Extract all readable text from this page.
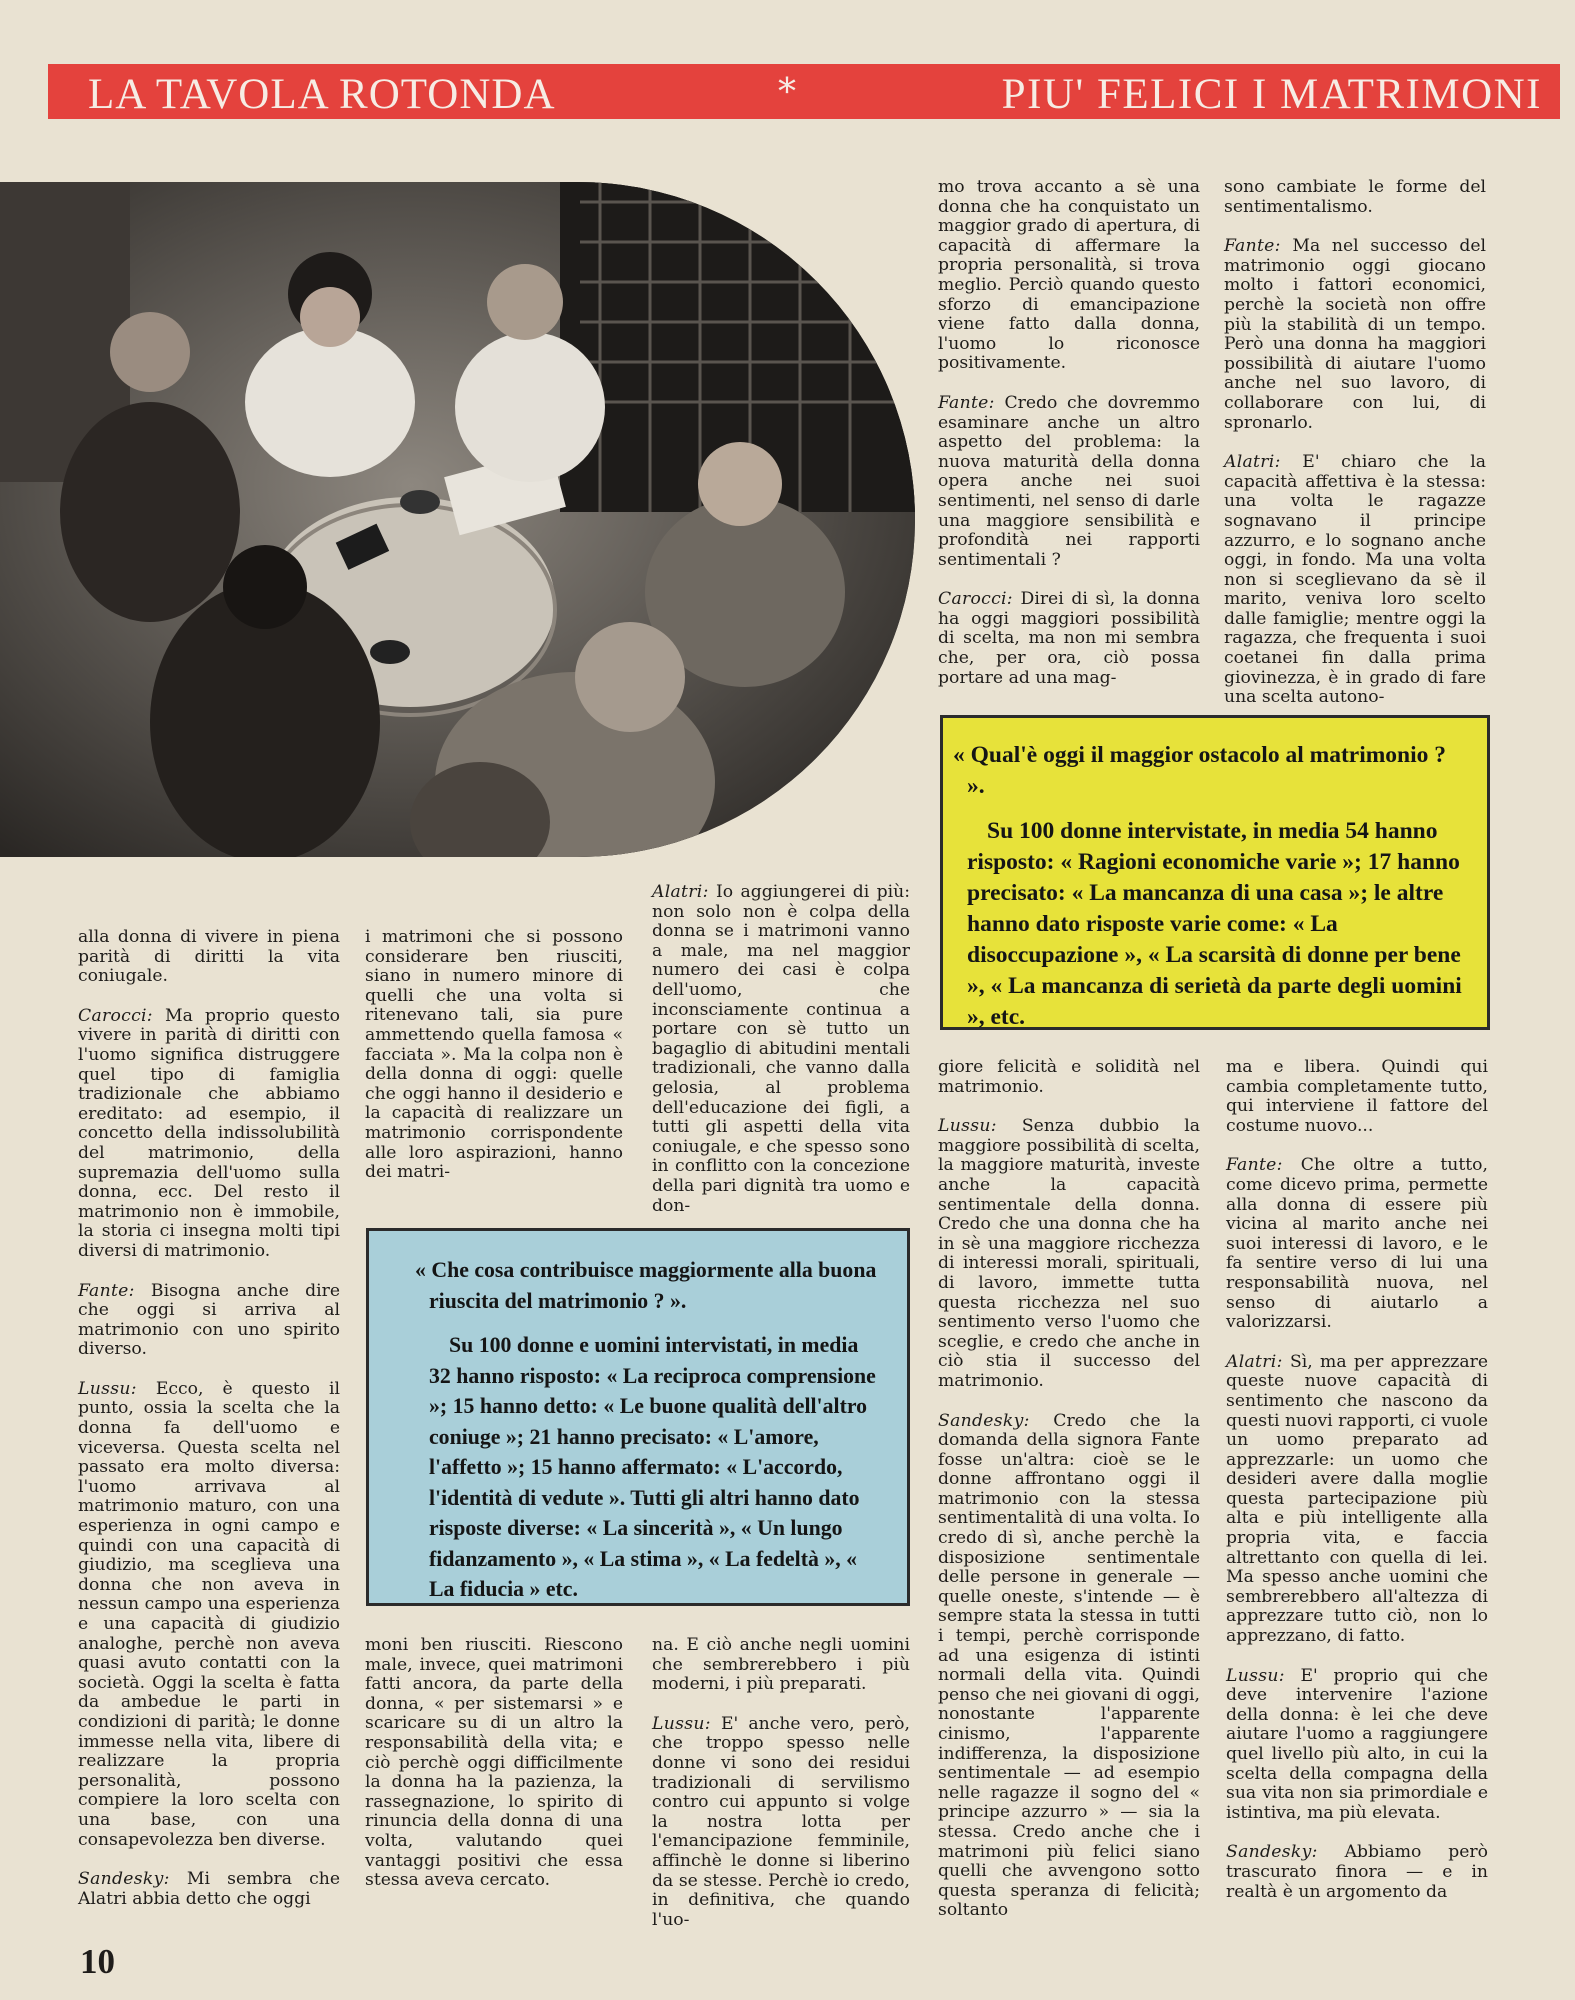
LA TAVOLA ROTONDA	*	PIU' FELICI I MATRIMONI

mo trova accanto a sè una donna che ha conquistato un maggior grado di apertura, di capacità di affermare la propria personalità, si trova meglio. Perciò quando questo sforzo di emancipazione viene fatto dalla donna, l'uomo lo riconosce positivamente.

Fante: Credo che dovremmo esaminare anche un altro aspetto del problema: la nuova maturità della donna opera anche nei suoi sentimenti, nel senso di darle una maggiore sensibilità e profondità nei rapporti sentimentali ?

Carocci: Direi di sì, la donna ha oggi maggiori possibilità di scelta, ma non mi sembra che, per ora, ciò possa portare ad una mag-

sono cambiate le forme del sentimentalismo.

Fante: Ma nel successo del matrimonio oggi giocano molto i fattori economici, perchè la società non offre più la stabilità di un tempo. Però una donna ha maggiori possibilità di aiutare l'uomo anche nel suo lavoro, di collaborare con lui, di spronarlo.

Alatri: E' chiaro che la capacità affettiva è la stessa: una volta le ragazze sognavano il principe azzurro, e lo sognano anche oggi, in fondo. Ma una volta non si sceglievano da sè il marito, veniva loro scelto dalle famiglie; mentre oggi la ragazza, che frequenta i suoi coetanei fin dalla prima giovinezza, è in grado di fare una scelta autono-

« Qual'è oggi il maggior ostacolo al matrimonio ? ».

Su 100 donne intervistate, in media 54 hanno risposto: « Ragioni economiche varie »; 17 hanno precisato: « La mancanza di una casa »; le altre hanno dato risposte varie come: « La disoccupazione », « La scarsità di donne per bene », « La mancanza di serietà da parte degli uomini », etc.

alla donna di vivere in piena parità di diritti la vita coniugale.

Carocci: Ma proprio questo vivere in parità di diritti con l'uomo significa distruggere quel tipo di famiglia tradizionale che abbiamo ereditato: ad esempio, il concetto della indissolubilità del matrimonio, della supremazia dell'uomo sulla donna, ecc. Del resto il matrimonio non è immobile, la storia ci insegna molti tipi diversi di matrimonio.

Fante: Bisogna anche dire che oggi si arriva al matrimonio con uno spirito diverso.

Lussu: Ecco, è questo il punto, ossia la scelta che la donna fa dell'uomo e viceversa. Questa scelta nel passato era molto diversa: l'uomo arrivava al matrimonio maturo, con una esperienza in ogni campo e quindi con una capacità di giudizio, ma sceglieva una donna che non aveva in nessun campo una esperienza e una capacità di giudizio analoghe, perchè non aveva quasi avuto contatti con la società. Oggi la scelta è fatta da ambedue le parti in condizioni di parità; le donne immesse nella vita, libere di realizzare la propria personalità, possono compiere la loro scelta con una base, con una consapevolezza ben diverse.

Sandesky: Mi sembra che Alatri abbia detto che oggi

i matrimoni che si possono considerare ben riusciti, siano in numero minore di quelli che una volta si ritenevano tali, sia pure ammettendo quella famosa « facciata ». Ma la colpa non è della donna di oggi: quelle che oggi hanno il desiderio e la capacità di realizzare un matrimonio corrispondente alle loro aspirazioni, hanno dei matri-

Alatri: Io aggiungerei di più: non solo non è colpa della donna se i matrimoni vanno a male, ma nel maggior numero dei casi è colpa dell'uomo, che inconsciamente continua a portare con sè tutto un bagaglio di abitudini mentali tradizionali, che vanno dalla gelosia, al problema dell'educazione dei figli, a tutti gli aspetti della vita coniugale, e che spesso sono in conflitto con la concezione della pari dignità tra uomo e don-

« Che cosa contribuisce maggiormente alla buona riuscita del matrimonio ? ».

Su 100 donne e uomini intervistati, in media 32 hanno risposto: « La reciproca comprensione »; 15 hanno detto: « Le buone qualità dell'altro coniuge »; 21 hanno precisato: « L'amore, l'affetto »; 15 hanno affermato: « L'accordo, l'identità di vedute ». Tutti gli altri hanno dato risposte diverse: « La sincerità », « Un lungo fidanzamento », « La stima », « La fedeltà », « La fiducia » etc.

moni ben riusciti. Riescono male, invece, quei matrimoni fatti ancora, da parte della donna, « per sistemarsi » e scaricare su di un altro la responsabilità della vita; e ciò perchè oggi difficilmente la donna ha la pazienza, la rassegnazione, lo spirito di rinuncia della donna di una volta, valutando quei vantaggi positivi che essa stessa aveva cercato.

na. E ciò anche negli uomini che sembrerebbero i più moderni, i più preparati.

Lussu: E' anche vero, però, che troppo spesso nelle donne vi sono dei residui tradizionali di servilismo contro cui appunto si volge la nostra lotta per l'emancipazione femminile, affinchè le donne si liberino da se stesse. Perchè io credo, in definitiva, che quando l'uo-

giore felicità e solidità nel matrimonio.

Lussu: Senza dubbio la maggiore possibilità di scelta, la maggiore maturità, investe anche la capacità sentimentale della donna. Credo che una donna che ha in sè una maggiore ricchezza di interessi morali, spirituali, di lavoro, immette tutta questa ricchezza nel suo sentimento verso l'uomo che sceglie, e credo che anche in ciò stia il successo del matrimonio.

Sandesky: Credo che la domanda della signora Fante fosse un'altra: cioè se le donne affrontano oggi il matrimonio con la stessa sentimentalità di una volta. Io credo di sì, anche perchè la disposizione sentimentale delle persone in generale — quelle oneste, s'intende — è sempre stata la stessa in tutti i tempi, perchè corrisponde ad una esigenza di istinti normali della vita. Quindi penso che nei giovani di oggi, nonostante l'apparente cinismo, l'apparente indifferenza, la disposizione sentimentale — ad esempio nelle ragazze il sogno del « principe azzurro » — sia la stessa. Credo anche che i matrimoni più felici siano quelli che avvengono sotto questa speranza di felicità; soltanto

ma e libera. Quindi qui cambia completamente tutto, qui interviene il fattore del costume nuovo...

Fante: Che oltre a tutto, come dicevo prima, permette alla donna di essere più vicina al marito anche nei suoi interessi di lavoro, e le fa sentire verso di lui una responsabilità nuova, nel senso di aiutarlo a valorizzarsi.

Alatri: Sì, ma per apprezzare queste nuove capacità di sentimento che nascono da questi nuovi rapporti, ci vuole un uomo preparato ad apprezzarle: un uomo che desideri avere dalla moglie questa partecipazione più alta e più intelligente alla propria vita, e faccia altrettanto con quella di lei. Ma spesso anche uomini che sembrerebbero all'altezza di apprezzare tutto ciò, non lo apprezzano, di fatto.

Lussu: E' proprio qui che deve intervenire l'azione della donna: è lei che deve aiutare l'uomo a raggiungere quel livello più alto, in cui la scelta della compagna della sua vita non sia primordiale e istintiva, ma più elevata.

Sandesky: Abbiamo però trascurato finora — e in realtà è un argomento da

10
